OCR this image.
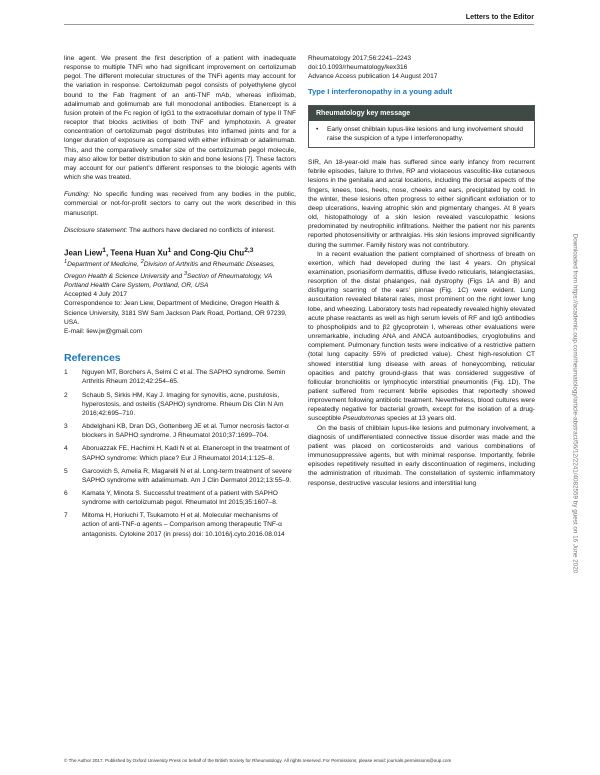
Letters to the Editor

line agent. We present the first description of a patient with inadequate response to multiple TNFi who had significant improvement on certolizumab pegol. The different molecular structures of the TNFi agents may account for the variation in response. Certolizumab pegol consists of polyethylene glycol bound to the Fab fragment of an anti-TNF mAb, whereas infliximab, adalimumab and golimumab are full monoclonal antibodies. Etanercept is a fusion protein of the Fc region of IgG1 to the extracellular domain of type II TNF receptor that blocks activities of both TNF and lymphotoxin. A greater concentration of certolizumab pegol distributes into inflamed joints and for a longer duration of exposure as compared with either infliximab or adalimumab. This, and the comparatively smaller size of the certolizumab pegol molecule, may also allow for better distribution to skin and bone lesions [7]. These factors may account for our patient’s different responses to the biologic agents with which she was treated.

Funding: No specific funding was received from any bodies in the public, commercial or not-for-profit sectors to carry out the work described in this manuscript.

Disclosure statement: The authors have declared no conflicts of interest.

Jean Liew$^1$, Teena Huan Xu$^1$ and Cong-Qiu Chu$^{2,3}$

$^1$Department of Medicine, $^2$Division of Arthritis and Rheumatic Diseases, Oregon Health & Science University and $^3$Section of Rheumatology, VA Portland Health Care System, Portland, OR, USA

Accepted 4 July 2017

Correspondence to: Jean Liew, Department of Medicine, Oregon Health & Science University, 3181 SW Sam Jackson Park Road, Portland, OR 97239, USA.

E-mail: liew.jw@gmail.com

References
1 Nguyen MT, Borchers A, Selmi C et al. The SAPHO syndrome. Semin Arthritis Rheum 2012;42:254–65.
2 Schaub S, Sirkis HM, Kay J. Imaging for synovitis, acne, pustulosis, hyperostosis, and osteitis (SAPHO) syndrome. Rheum Dis Clin N Am 2016;42:695–710.
3 Abdelghani KB, Dran DG, Gottenberg JE et al. Tumor necrosis factor-α blockers in SAPHO syndrome. J Rheumatol 2010;37:1699–704.
4 Aboruazzak FE, Hachimi H, Kadi N et al. Etanercept in the treatment of SAPHO syndrome: Which place? Eur J Rheumatol 2014;1:125–8.
5 Garcovich S, Amelia R, Magarelli N et al. Long-term treatment of severe SAPHO syndrome with adalimumab. Am J Clin Dermatol 2012;13:55–9.
6 Kamata Y, Minota S. Successful treatment of a patient with SAPHO syndrome with certolizumab pegol. Rheumatol Int 2015;35:1607–8.
7 Mitoma H, Horiuchi T, Tsukamoto H et al. Molecular mechanisms of action of anti-TNF-α agents – Comparison among therapeutic TNF-α antagonists. Cytokine 2017 (in press) doi: 10.1016/j.cyto.2016.08.014

Rheumatology 2017;56:2241–2243

doi:10.1093/rheumatology/kex316

Advance Access publication 14 August 2017

Type I interferonopathy in a young adult
Rheumatology key message
• Early onset chilblain lupus-like lesions and lung involvement should raise the suspicion of a type I interferonopathy.

SIR, An 18-year-old male has suffered since early infancy from recurrent febrile episodes, failure to thrive, RP and violaceous vasculitic-like cutaneous lesions in the genitalia and acral locations, including the dorsal aspects of the fingers, knees, toes, heels, nose, cheeks and ears, precipitated by cold. In the winter, these lesions often progress to either significant exfoliation or to deep ulcerations, leaving atrophic skin and pigmentary changes. At 8 years old, histopathology of a skin lesion revealed vasculopathic lesions predominated by neutrophilic infiltrations. Neither the patient nor his parents reported photosensitivity or arthralgias. His skin lesions improved significantly during the summer. Family history was not contributory.

In a recent evaluation the patient complained of shortness of breath on exertion, which had developed during the last 4 years. On physical examination, psoriasiform dermatitis, diffuse livedo reticularis, telangiectasias, resorption of the distal phalanges, nail dystrophy (Figs 1A and B) and disfiguring scarring of the ears’ pinnae (Fig. 1C) were evident. Lung auscultation revealed bilateral rales, most prominent on the right lower lung lobe, and wheezing. Laboratory tests had repeatedly revealed highly elevated acute phase reactants as well as high serum levels of RF and IgG antibodies to phospholipids and to β2 glycoprotein I, whereas other evaluations were unremarkable, including ANA and ANCA autoantibodies, cryoglobulins and complement. Pulmonary function tests were indicative of a restrictive pattern (total lung capacity 55% of predicted value). Chest high-resolution CT showed interstitial lung disease with areas of honeycombing, reticular opacities and patchy ground-glass that was considered suggestive of follicular bronchiolitis or lymphocytic interstitial pneumonitis (Fig. 1D). The patient suffered from recurrent febrile episodes that reportedly showed improvement following antibiotic treatment. Nevertheless, blood cultures were repeatedly negative for bacterial growth, except for the isolation of a drug-susceptible Pseudomonas species at 13 years old.

On the basis of chilblain lupus-like lesions and pulmonary involvement, a diagnosis of undifferentiated connective tissue disorder was made and the patient was placed on corticosteroids and various combinations of immunosuppressive agents, but with minimal response. Importantly, febrile episodes repetitively resulted in early discontinuation of regimens, including the administration of rituximab. The constellation of systemic inflammatory response, destructive vascular lesions and interstitial lung

© The Author 2017. Published by Oxford University Press on behalf of the British Society for Rheumatology. All rights reserved. For Permissions, please email: journals.permissions@oup.com
Downloaded from https://academic.oup.com/rheumatology/article-abstract/56/12/2241/4082559 by guest on 16 June 2020
